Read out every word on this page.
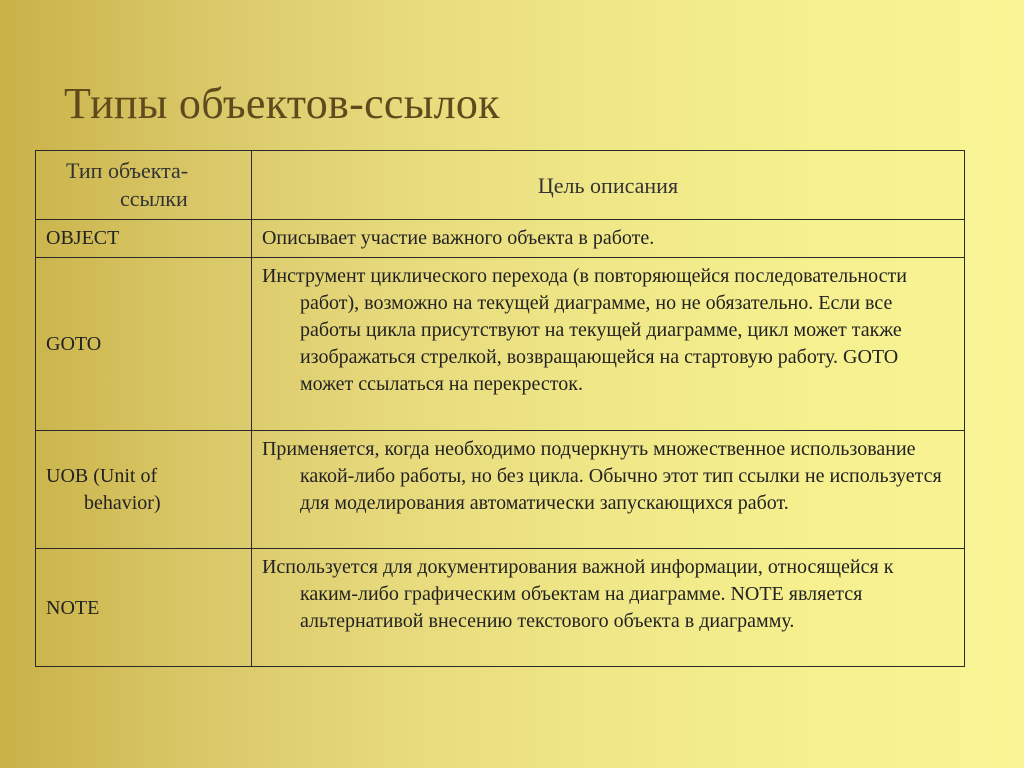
Типы объектов-ссылок
Тип объекта-
ссылки	Цель описания

OBJECT	Описывает участие важного объекта в работе.

GOTO	Инструмент циклического перехода (в повторяющейся последовательности работ), возможно на текущей диаграмме, но не обязательно. Если все работы цикла присутствуют на текущей диаграмме, цикл может также изображаться стрелкой, возвращающейся на стартовую работу. GOTO может ссылаться на перекресток.

UOB (Unit of behavior)	Применяется, когда необходимо подчеркнуть множественное использование какой-либо работы, но без цикла. Обычно этот тип ссылки не используется для моделирования автоматически запускающихся работ.

NOTE	Используется для документирования важной информации, относящейся к каким-либо графическим объектам на диаграмме. NOTE является альтернативой внесению текстового объекта в диаграмму.
